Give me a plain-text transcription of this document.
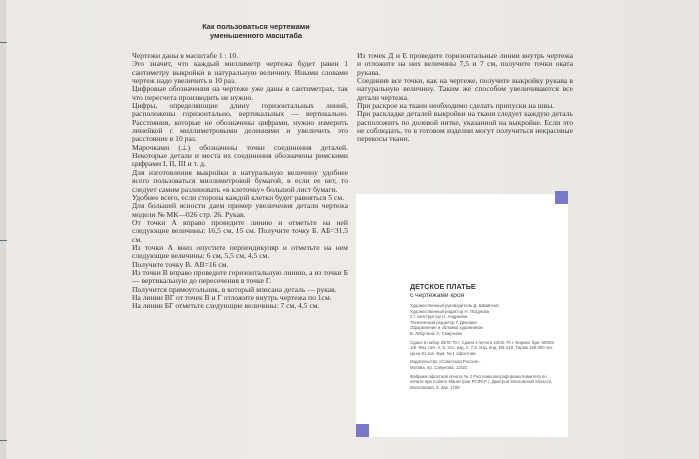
Как пользоваться чертежами
уменьшенного масштаба

Чертежи даны в масштабе 1 : 10.

Это значит, что каждый миллиметр чертежа будет равен 1 сантиметру выкройки в натуральную величину. Иными словами чертеж надо увеличить в 10 раз.

Цифровые обозначения на чертеже уже даны в сантиметрах, так что пересчета производить не нужно.

Цифры, определяющие длину горизонтальных линий, расположены горизонтально, вертикальных — вертикально. Расстояния, которые не обозначены цифрами, нужно измерить линейкой с миллиметровыми делениями и увеличить это расстояние в 10 раз.

Марочками (⊥) обозначены точки соединения деталей. Некоторые детали и места их соединения обозначены римскими цифрами I, II, III и т. д.

Для изготовления выкройки в натуральную величину удобнее всего пользоваться миллиметровой бумагой, в если ее нет, то следует самим разлиновать «в клеточку» большой лист бумаги.

Удобнее всего, если сторона каждой клетки будет равняться 5 см.

Для большей ясности даем пример увеличения детали чертежа модели № МК—026 стр. 26. Рукав.

От точки А вправо проведите линию и отметьте на ней следующие величины: 16,5 см, 15 см. Получите точку Б. АБ=31,5 см.

Из точки А вниз опустите перпендикуляр и отметьте на нем следующие величины: 6 см, 5,5 см, 4,5 см.

Получите точку В. АВ=16 см.

Из точки В вправо проведите горизонтальную линию, а из точки Б — вертикальную до пересечения в точке Г.

Получится прямоугольник, в который вписана деталь — рукав.

На линии ВГ от точек В и Г отложите внутрь чертежа по 1см.

На линии БГ отметьте следующие величины: 7 см, 4,5 см.

Из точек Д и Е проведите горизонтальные линии внутрь чертежа и отложите на них величины 7,5 и 7 см, получите точки оката рукава.

Соединив все точки, как на чертеже, получите выкройку рукава в натуральную величину. Таким же способом увеличиваются все детали чертежа.

При раскрое на ткани необходимо сделать припуски на швы.

При раскладке деталей выкройки на ткани следует каждую деталь расположить по долевой нитке, указанной на выкройке. Если это не соблюдать, то в готовом изделии могут получиться некрасивые перекосы ткани.

ДЕТСКОЕ ПЛАТЬЕ
с чертежами кроя

Художественный руководитель Д. Шмавтнис

Художественный редактор Н. Позднова

Ст. конструктор Н. Андреева

Технический редактор Г. Дехиани

Оформление и обложка художников

В. Лабутина, А. Смирнова

Сдано в набор 29/IX-70 г. Сдано к печати 24/XII-70 г. Формат бум. 60X84 1/8. Физ. печ. л. 5. Усл. изд. л. 7,8. Изд. инд. ИЗ-419. Тираж 150 000 экз. Цена 81 коп. Бум. № 1 офсетная.

Издательство «Советская Россия»,

Москва, пр. Сапунова, 13/15.

Фабрика офсетной печати № 2 Росглавполиграфпрома Комитета по печати при Совете Министров РСФСР. г. Дмитров Московской области, Московская, 3. Зак. 1709
